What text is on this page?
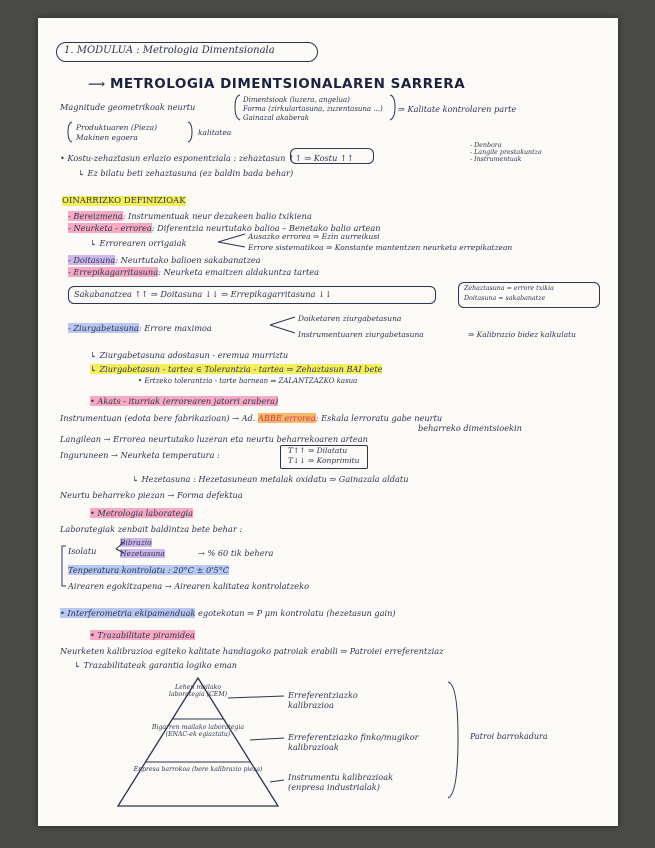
1. MODULUA : Metrologia Dimentsionala
⟶ METROLOGIA DIMENTSIONALAREN SARRERA
Magnitude geometrikoak neurtu
Dimentsioak (luzera, angelua)
Forma (zirkulartasuna, zuzentasuna ...)
Gainazal akaberak
⇒ Kalitate kontrolaren parte
Produktuaren (Pieza)
Makinen egoera
kalitatea
• Kostu-zehaztasun erlazio esponentziala : zehaztasun ↑↑ ⇒ Kostu ↑↑
- Denbora
- Langile prestakuntza
- Instrumentuak
↳ Ez bilatu beti zehaztasuna (ez baldin bada behar)
OINARRIZKO DEFINIZIOAK
- Bereizmena: Instrumentuak neur dezakeen balio txikiena
- Neurketa - errorea: Diferentzia neurtutako balioa – Benetako balio artean
↳ Errorearen orrigaiak
Ausazko errorea ⇒ Ezin aurreikusi
Errore sistematikoa ⇒ Konstante mantentzen neurketa errepikatzean
- Doitasuna: Neurtutako balioen sakabanatzea
- Errepikagarritasuna: Neurketa emaitzen aldakuntza tartea
Sakabanatzea ↑↑ ⇒ Doitasuna ↓↓ ⇒ Errepikagarritasuna ↓↓
Zehaztasuna = errore txikia
Doitasuna = sakabanatze
- Ziurgabetasuna: Errore maximoa
Doiketaren ziurgabetasuna
Instrumentuaren ziurgabetasuna	⇒ Kalibrazio bidez kalkulatu
↳ Ziurgabetasuna adostasun - eremua murriztu
↳ Ziurgabetasun - tartea ∈ Tolerantzia - tartea ⇒ Zehaztasun BAI bete
• Ertzeko tolerantzia - tarte barnean ⇒ ZALANTZAZKO kasua
• Akats - iturriak (errorearen jatorri arabera)
Instrumentuan (edota bere fabrikazioan) → Ad. ABBE errorea: Eskala lerroratu gabe neurtu
beharreko dimentsioekin
Langilean → Errorea neurtutako luzeran eta neurtu beharrekoaren artean
Inguruneen → Neurketa temperatura :	T↑↑ ⇒ Dilatatu
T↓↓ ⇒ Konprimitu
↳ Hezetasuna : Hezetasunean metalak oxidatu ⇒ Gainazala aldatu
Neurtu beharreko piezan → Forma defektua
• Metrologia laborategia
Laborategiak zenbait baldintza bete behar :
Isolatu
Bibrazio
Hezetasuna	→ % 60 tik behera
Tenperatura kontrolatu : 20°C ± 0'5°C
Airearen egokitzapena → Airearen kalitatea kontrolatzeko
• Interferometria ekipamenduak egotekotan ⇒ P μm kontrolatu (hezetasun gain)
• Trazabilitate piramidea
Neurketen kalibrazioa egiteko kalitate handiagoko patroiak erabili ⇒ Patroiei erreferentziaz
↳ Trazabilitateak garantia logiko eman
Lehen mailako laborategia (CEM)
Bigarren mailako laborategia (ENAC-ek egiaztatu)
Enpresa barrokoa (bere kalibrazio pieza)
Erreferentziazko kalibrazioa
Erreferentziazko finko/mugikor kalibrazioak
Instrumentu kalibrazioak (enpresa industrialak)
Patroi barrokadura
